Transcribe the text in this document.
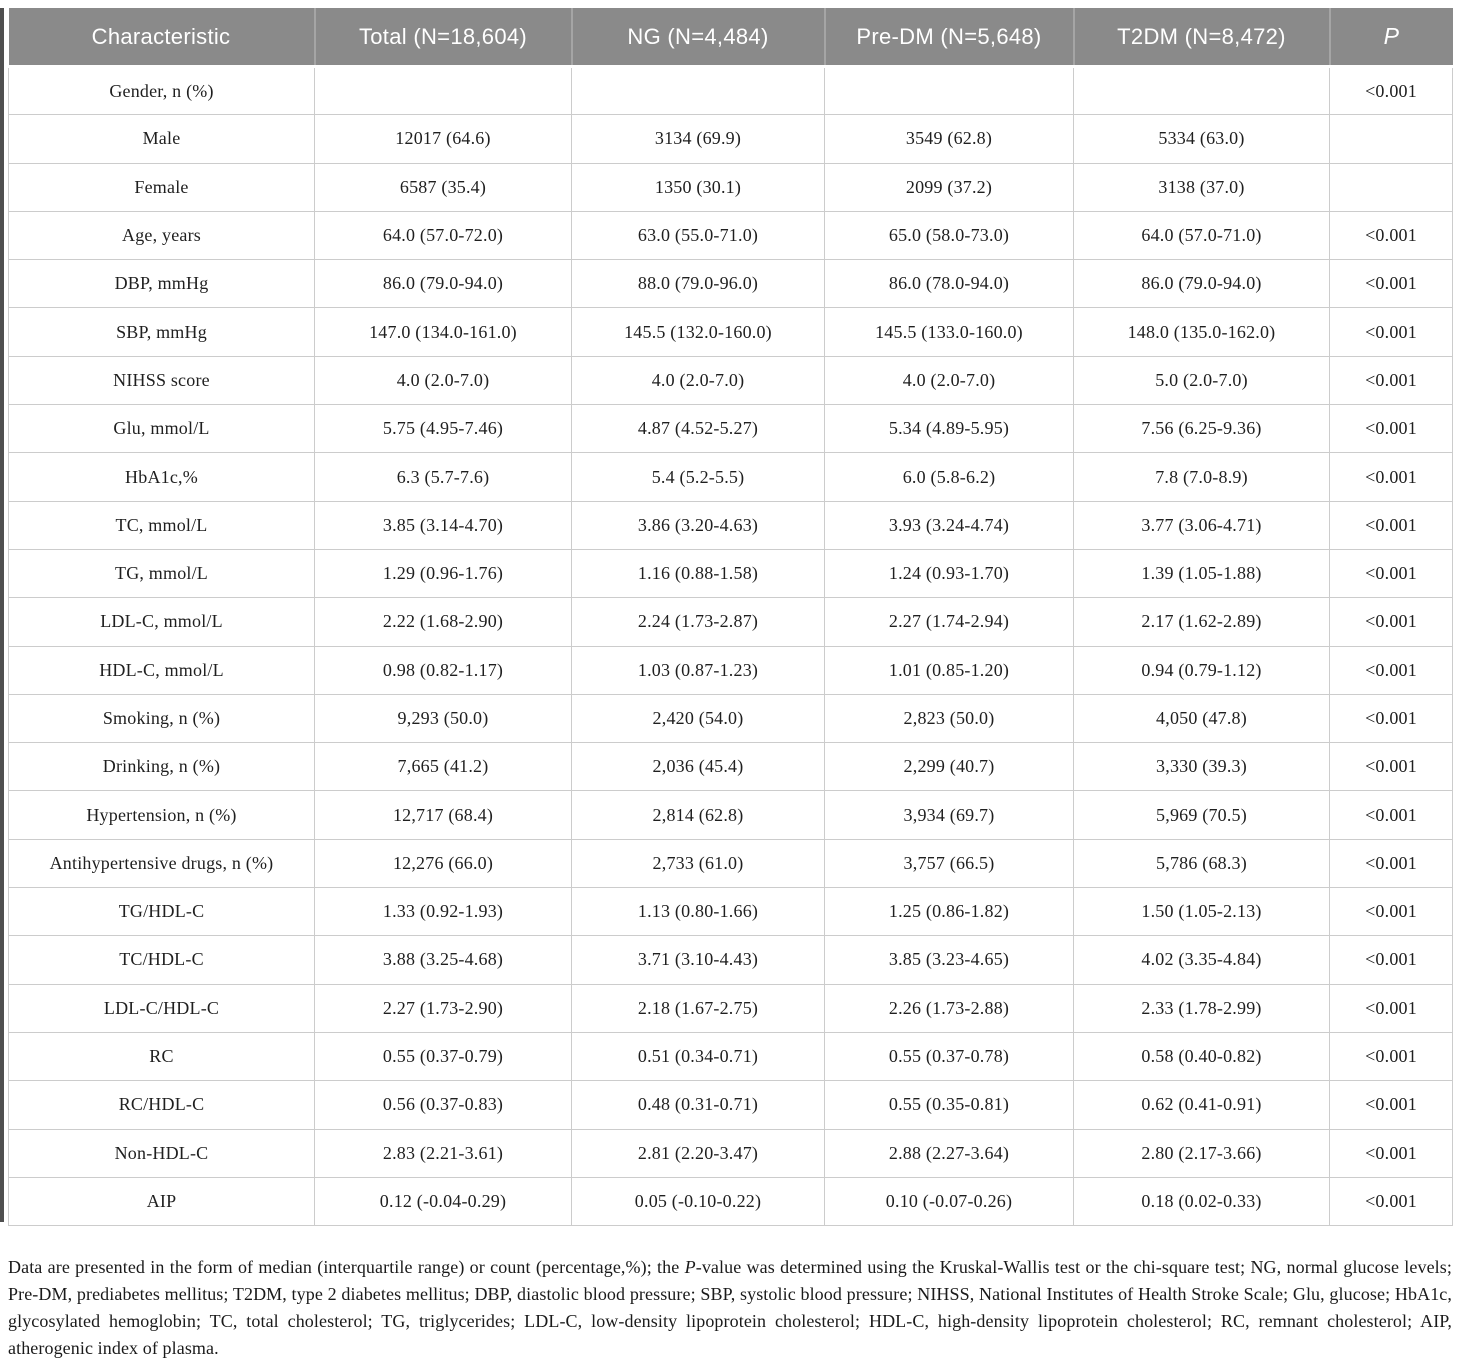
Characteristic	Total (N=18,604)	NG (N=4,484)	Pre-DM (N=5,648)	T2DM (N=8,472)	P
Gender, n (%)					<0.001
Male	12017 (64.6)	3134 (69.9)	3549 (62.8)	5334 (63.0)	
Female	6587 (35.4)	1350 (30.1)	2099 (37.2)	3138 (37.0)	
Age, years	64.0 (57.0-72.0)	63.0 (55.0-71.0)	65.0 (58.0-73.0)	64.0 (57.0-71.0)	<0.001
DBP, mmHg	86.0 (79.0-94.0)	88.0 (79.0-96.0)	86.0 (78.0-94.0)	86.0 (79.0-94.0)	<0.001
SBP, mmHg	147.0 (134.0-161.0)	145.5 (132.0-160.0)	145.5 (133.0-160.0)	148.0 (135.0-162.0)	<0.001
NIHSS score	4.0 (2.0-7.0)	4.0 (2.0-7.0)	4.0 (2.0-7.0)	5.0 (2.0-7.0)	<0.001
Glu, mmol/L	5.75 (4.95-7.46)	4.87 (4.52-5.27)	5.34 (4.89-5.95)	7.56 (6.25-9.36)	<0.001
HbA1c,%	6.3 (5.7-7.6)	5.4 (5.2-5.5)	6.0 (5.8-6.2)	7.8 (7.0-8.9)	<0.001
TC, mmol/L	3.85 (3.14-4.70)	3.86 (3.20-4.63)	3.93 (3.24-4.74)	3.77 (3.06-4.71)	<0.001
TG, mmol/L	1.29 (0.96-1.76)	1.16 (0.88-1.58)	1.24 (0.93-1.70)	1.39 (1.05-1.88)	<0.001
LDL-C, mmol/L	2.22 (1.68-2.90)	2.24 (1.73-2.87)	2.27 (1.74-2.94)	2.17 (1.62-2.89)	<0.001
HDL-C, mmol/L	0.98 (0.82-1.17)	1.03 (0.87-1.23)	1.01 (0.85-1.20)	0.94 (0.79-1.12)	<0.001
Smoking, n (%)	9,293 (50.0)	2,420 (54.0)	2,823 (50.0)	4,050 (47.8)	<0.001
Drinking, n (%)	7,665 (41.2)	2,036 (45.4)	2,299 (40.7)	3,330 (39.3)	<0.001
Hypertension, n (%)	12,717 (68.4)	2,814 (62.8)	3,934 (69.7)	5,969 (70.5)	<0.001
Antihypertensive drugs, n (%)	12,276 (66.0)	2,733 (61.0)	3,757 (66.5)	5,786 (68.3)	<0.001
TG/HDL-C	1.33 (0.92-1.93)	1.13 (0.80-1.66)	1.25 (0.86-1.82)	1.50 (1.05-2.13)	<0.001
TC/HDL-C	3.88 (3.25-4.68)	3.71 (3.10-4.43)	3.85 (3.23-4.65)	4.02 (3.35-4.84)	<0.001
LDL-C/HDL-C	2.27 (1.73-2.90)	2.18 (1.67-2.75)	2.26 (1.73-2.88)	2.33 (1.78-2.99)	<0.001
RC	0.55 (0.37-0.79)	0.51 (0.34-0.71)	0.55 (0.37-0.78)	0.58 (0.40-0.82)	<0.001
RC/HDL-C	0.56 (0.37-0.83)	0.48 (0.31-0.71)	0.55 (0.35-0.81)	0.62 (0.41-0.91)	<0.001
Non-HDL-C	2.83 (2.21-3.61)	2.81 (2.20-3.47)	2.88 (2.27-3.64)	2.80 (2.17-3.66)	<0.001
AIP	0.12 (-0.04-0.29)	0.05 (-0.10-0.22)	0.10 (-0.07-0.26)	0.18 (0.02-0.33)	<0.001

Data are presented in the form of median (interquartile range) or count (percentage,%); the P-value was determined using the Kruskal-Wallis test or the chi-square test; NG, normal glucose levels; Pre-DM, prediabetes mellitus; T2DM, type 2 diabetes mellitus; DBP, diastolic blood pressure; SBP, systolic blood pressure; NIHSS, National Institutes of Health Stroke Scale; Glu, glucose; HbA1c, glycosylated hemoglobin; TC, total cholesterol; TG, triglycerides; LDL-C, low-density lipoprotein cholesterol; HDL-C, high-density lipoprotein cholesterol; RC, remnant cholesterol; AIP, atherogenic index of plasma.
